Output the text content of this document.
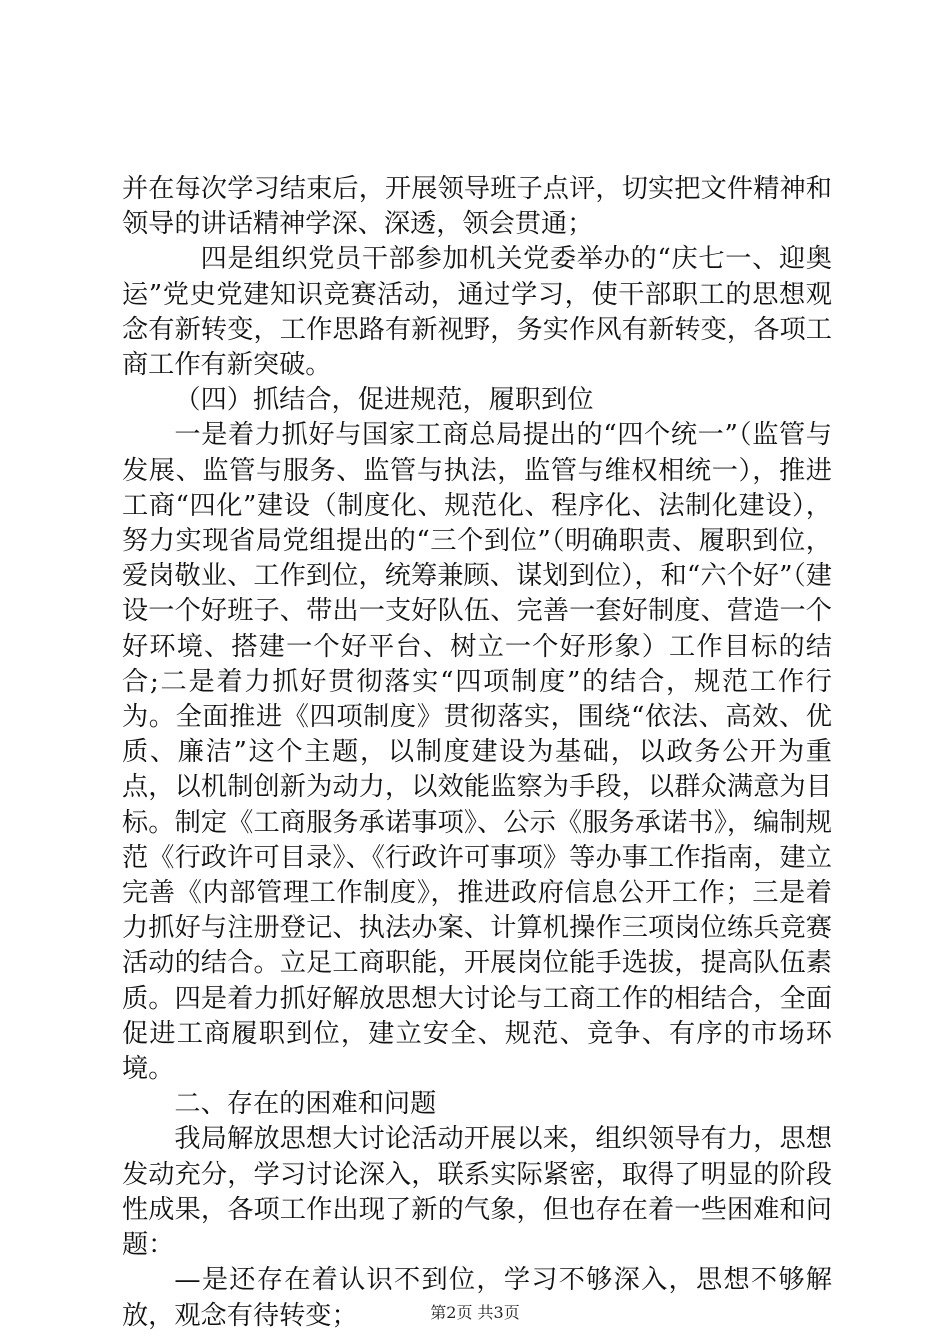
并在每次学习结束后，开展领导班子点评，切实把文件精神和领导的讲话精神学深、深透，领会贯通；

四是组织党员干部参加机关党委举办的“庆七一、迎奥运”党史党建知识竞赛活动，通过学习，使干部职工的思想观念有新转变，工作思路有新视野，务实作风有新转变，各项工商工作有新突破。

（四）抓结合，促进规范，履职到位

一是着力抓好与国家工商总局提出的“四个统一”（监管与发展、监管与服务、监管与执法，监管与维权相统一），推进工商“四化”建设（制度化、规范化、程序化、法制化建设），努力实现省局党组提出的“三个到位”（明确职责、履职到位，爱岗敬业、工作到位，统筹兼顾、谋划到位），和“六个好”（建设一个好班子、带出一支好队伍、完善一套好制度、营造一个好环境、搭建一个好平台、树立一个好形象）工作目标的结合;二是着力抓好贯彻落实“四项制度”的结合，规范工作行为。全面推进《四项制度》贯彻落实，围绕“依法、高效、优质、廉洁”这个主题，以制度建设为基础，以政务公开为重点，以机制创新为动力，以效能监察为手段，以群众满意为目标。制定《工商服务承诺事项》、公示《服务承诺书》，编制规范《行政许可目录》、《行政许可事项》等办事工作指南，建立完善《内部管理工作制度》，推进政府信息公开工作；三是着力抓好与注册登记、执法办案、计算机操作三项岗位练兵竞赛活动的结合。立足工商职能，开展岗位能手选拔，提高队伍素质。四是着力抓好解放思想大讨论与工商工作的相结合，全面促进工商履职到位，建立安全、规范、竞争、有序的市场环境。

二、存在的困难和问题

我局解放思想大讨论活动开展以来，组织领导有力，思想发动充分，学习讨论深入，联系实际紧密，取得了明显的阶段性成果，各项工作出现了新的气象，但也存在着一些困难和问题：

—是还存在着认识不到位，学习不够深入，思想不够解放，观念有待转变；	第2页 共3页
